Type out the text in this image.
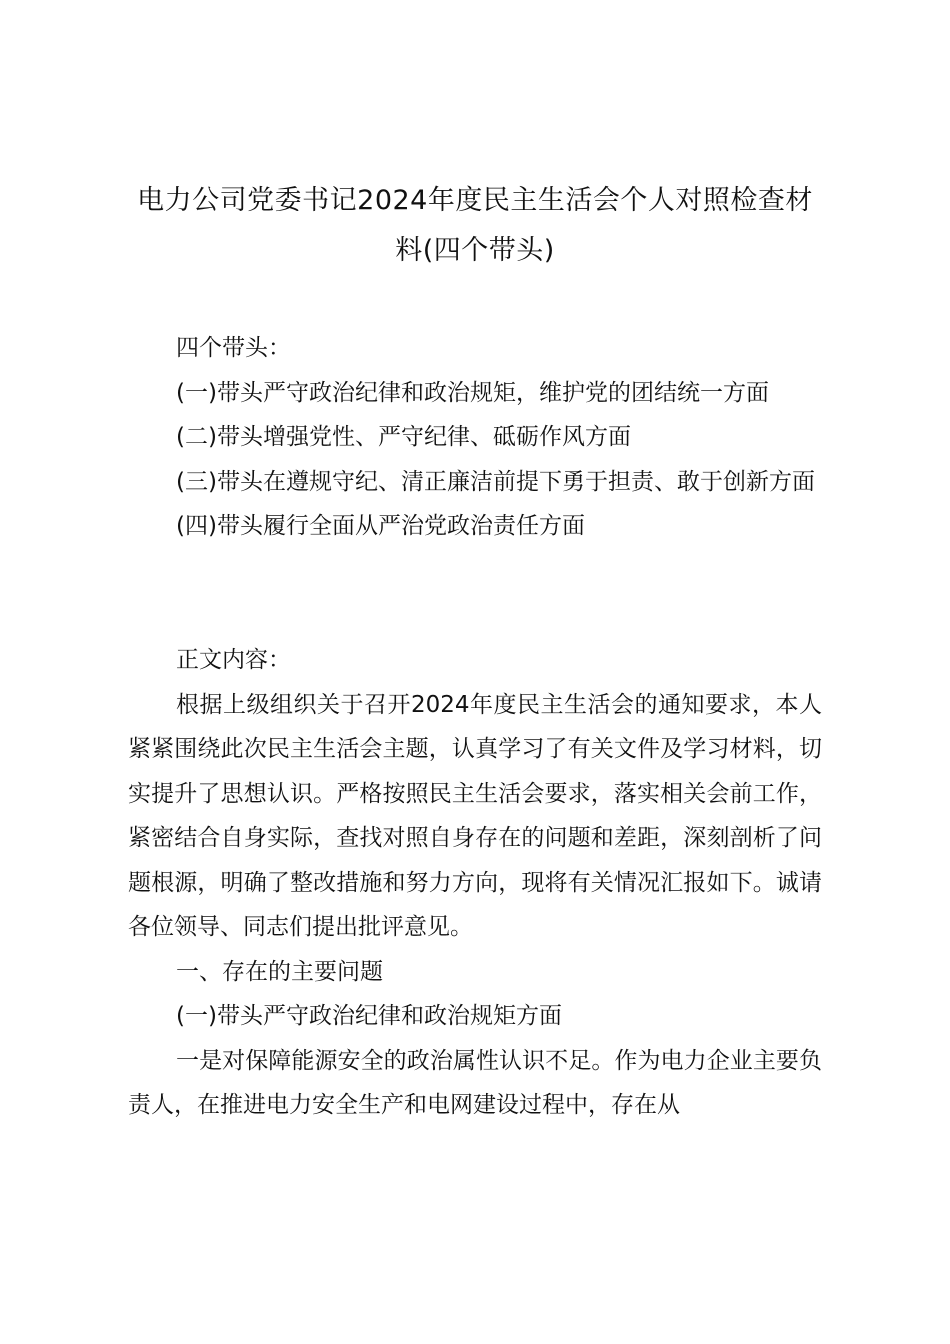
电力公司党委书记2024年度民主生活会个人对照检查材料(四个带头)

四个带头：

(一)带头严守政治纪律和政治规矩，维护党的团结统一方面

(二)带头增强党性、严守纪律、砥砺作风方面

(三)带头在遵规守纪、清正廉洁前提下勇于担责、敢于创新方面

(四)带头履行全面从严治党政治责任方面

正文内容：

根据上级组织关于召开2024年度民主生活会的通知要求，本人紧紧围绕此次民主生活会主题，认真学习了有关文件及学习材料，切实提升了思想认识。严格按照民主生活会要求，落实相关会前工作，紧密结合自身实际，查找对照自身存在的问题和差距，深刻剖析了问题根源，明确了整改措施和努力方向，现将有关情况汇报如下。诚请各位领导、同志们提出批评意见。

一、存在的主要问题

(一)带头严守政治纪律和政治规矩方面

一是对保障能源安全的政治属性认识不足。作为电力企业主要负责人，在推进电力安全生产和电网建设过程中，存在从
